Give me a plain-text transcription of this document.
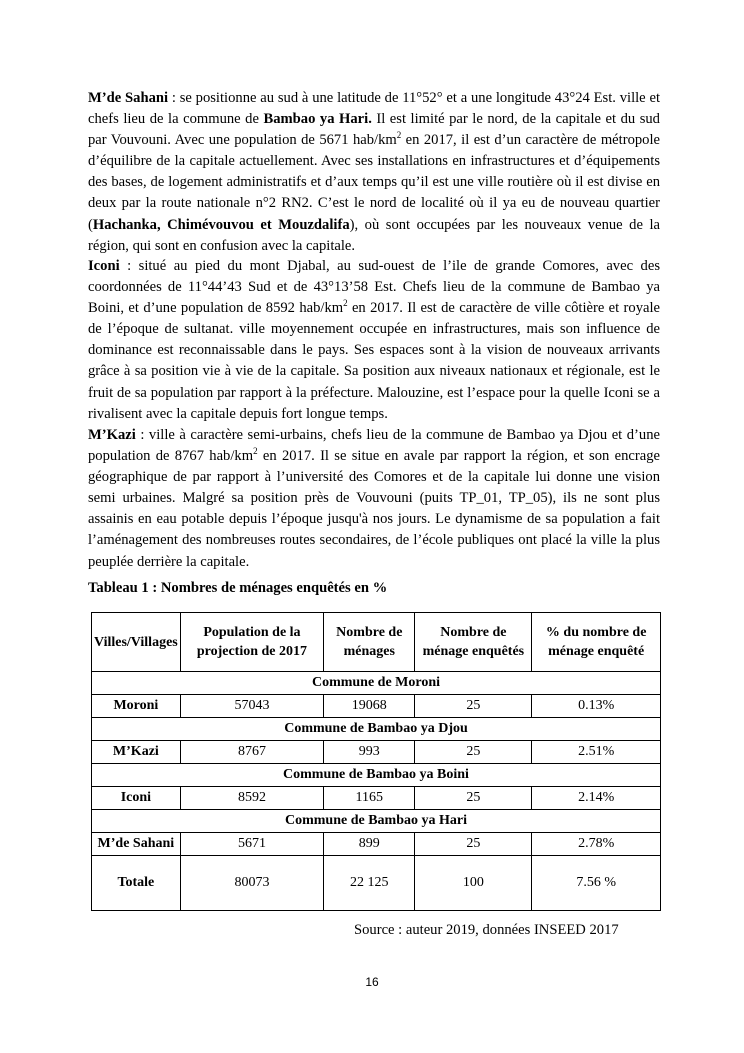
M’de Sahani : se positionne au sud à une latitude de 11°52° et a une longitude 43°24 Est. ville et chefs lieu de la commune de Bambao ya Hari. Il est limité par le nord, de la capitale et du sud par Vouvouni. Avec une population de 5671 hab/$km^2$ en 2017, il est d’un caractère de métropole d’équilibre de la capitale actuellement. Avec ses installations en infrastructures et d’équipements des bases, de logement administratifs et d’aux temps qu’il est une ville routière où il est divise en deux par la route nationale n°2 RN2. C’est le nord de localité où il ya eu de nouveau quartier (Hachanka, Chimévouvou et Mouzdalifa), où sont occupées par les nouveaux venue de la région, qui sont en confusion avec la capitale.

Iconi : situé au pied du mont Djabal, au sud-ouest de l’ile de grande Comores, avec des coordonnées de 11°44’43 Sud et de 43°13’58 Est. Chefs lieu de la commune de Bambao ya Boini, et d’une population de 8592 hab/$km^2$ en 2017. Il est de caractère de ville côtière et royale de l’époque de sultanat. ville moyennement occupée en infrastructures, mais son influence de dominance est reconnaissable dans le pays. Ses espaces sont à la vision de nouveaux arrivants grâce à sa position vie à vie de la capitale. Sa position aux niveaux nationaux et régionale, est le fruit de sa population par rapport à la préfecture. Malouzine, est l’espace pour la quelle Iconi se a rivalisent avec la capitale depuis fort longue temps.

M’Kazi : ville à caractère semi-urbains, chefs lieu de la commune de Bambao ya Djou et d’une population de 8767 hab/$km^2$ en 2017. Il se situe en avale par rapport la région, et son encrage géographique de par rapport à l’université des Comores et de la capitale lui donne une vision semi urbaines. Malgré sa position près de Vouvouni (puits TP_01, TP_05), ils ne sont plus assainis en eau potable depuis l’époque jusqu'à nos jours. Le dynamisme de sa population a fait l’aménagement des nombreuses routes secondaires, de l’école publiques ont placé la ville la plus peuplée derrière la capitale.

Tableau 1 : Nombres de ménages enquêtés en %
Villes/Villages	Population de la projection de 2017	Nombre de ménages	Nombre de ménage enquêtés	% du nombre de ménage enquêté
Commune de Moroni				
Moroni	57043	19068	25	0.13%
Commune de Bambao ya Djou				
M’Kazi	8767	993	25	2.51%
Commune de Bambao ya Boini				
Iconi	8592	1165	25	2.14%
Commune de Bambao ya Hari				
M’de Sahani	5671	899	25	2.78%
Totale	80073	22 125	100	7.56 %
Source : auteur 2019, données INSEED 2017
16
